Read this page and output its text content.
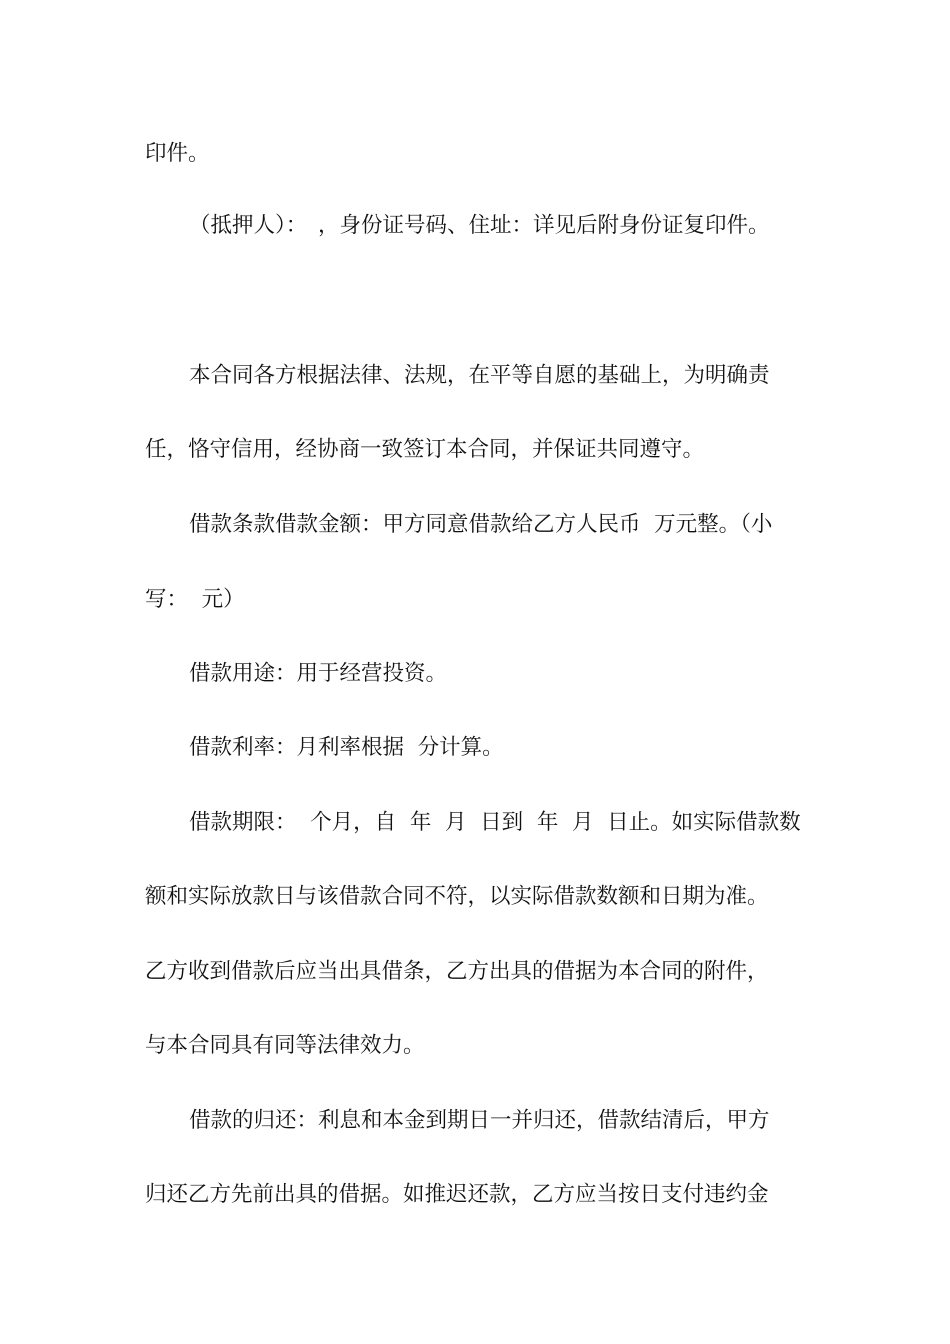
印件。

（抵押人）：　，身份证号码、住址：详见后附身份证复印件。

本合同各方根据法律、法规，在平等自愿的基础上，为明确责

任，恪守信用，经协商一致签订本合同，并保证共同遵守。

借款条款借款金额：甲方同意借款给乙方人民币  万元整。（小

写：  元）

借款用途：用于经营投资。

借款利率：月利率根据  分计算。

借款期限：  个月，自  年  月  日到  年  月  日止。如实际借款数

额和实际放款日与该借款合同不符，以实际借款数额和日期为准。

乙方收到借款后应当出具借条，乙方出具的借据为本合同的附件，

与本合同具有同等法律效力。

借款的归还：利息和本金到期日一并归还，借款结清后，甲方

归还乙方先前出具的借据。如推迟还款，乙方应当按日支付违约金
